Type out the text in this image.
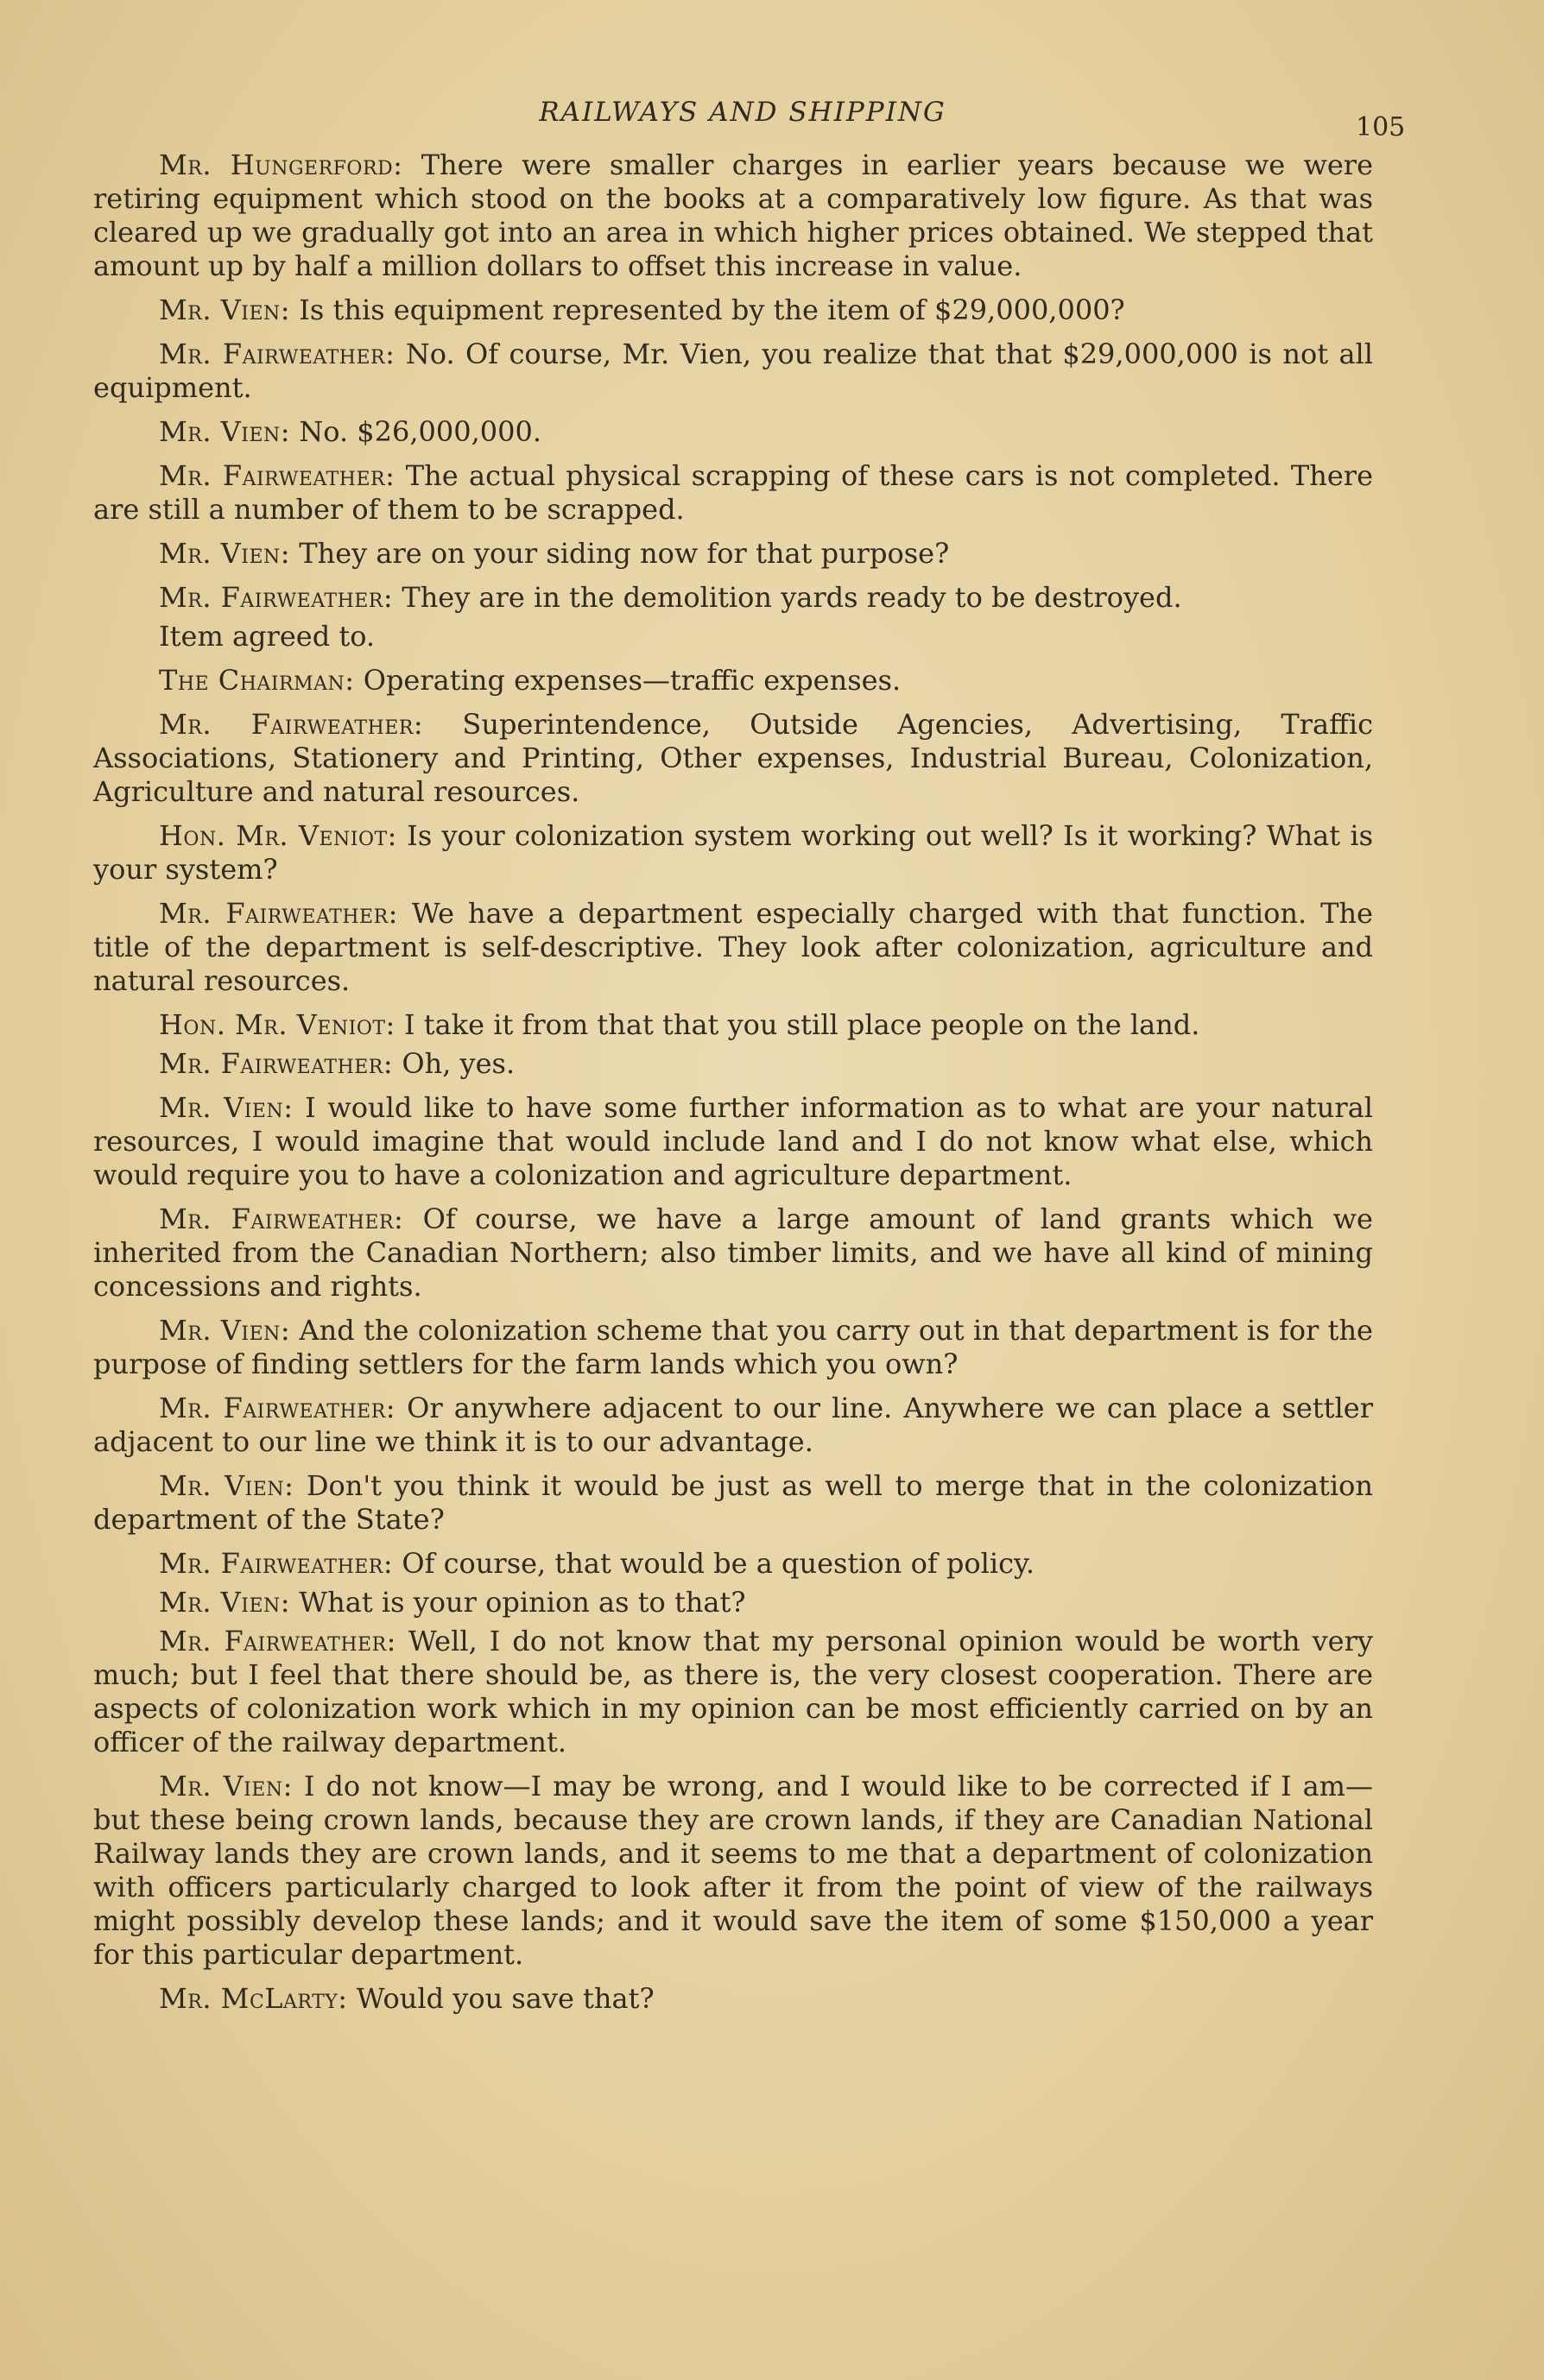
RAILWAYS AND SHIPPING	105

Mr. Hungerford: There were smaller charges in earlier years because we were retiring equipment which stood on the books at a comparatively low figure. As that was cleared up we gradually got into an area in which higher prices obtained. We stepped that amount up by half a million dollars to offset this increase in value.

Mr. Vien: Is this equipment represented by the item of $29,000,000?

Mr. Fairweather: No. Of course, Mr. Vien, you realize that that $29,000,000 is not all equipment.

Mr. Vien: No. $26,000,000.

Mr. Fairweather: The actual physical scrapping of these cars is not completed. There are still a number of them to be scrapped.

Mr. Vien: They are on your siding now for that purpose?

Mr. Fairweather: They are in the demolition yards ready to be destroyed.

Item agreed to.

The Chairman: Operating expenses—traffic expenses.

Mr. Fairweather: Superintendence, Outside Agencies, Advertising, Traffic Associations, Stationery and Printing, Other expenses, Industrial Bureau, Colonization, Agriculture and natural resources.

Hon. Mr. Veniot: Is your colonization system working out well? Is it working? What is your system?

Mr. Fairweather: We have a department especially charged with that function. The title of the department is self-descriptive. They look after colonization, agriculture and natural resources.

Hon. Mr. Veniot: I take it from that that you still place people on the land.

Mr. Fairweather: Oh, yes.

Mr. Vien: I would like to have some further information as to what are your natural resources, I would imagine that would include land and I do not know what else, which would require you to have a colonization and agriculture department.

Mr. Fairweather: Of course, we have a large amount of land grants which we inherited from the Canadian Northern; also timber limits, and we have all kind of mining concessions and rights.

Mr. Vien: And the colonization scheme that you carry out in that department is for the purpose of finding settlers for the farm lands which you own?

Mr. Fairweather: Or anywhere adjacent to our line. Anywhere we can place a settler adjacent to our line we think it is to our advantage.

Mr. Vien: Don't you think it would be just as well to merge that in the colonization department of the State?

Mr. Fairweather: Of course, that would be a question of policy.

Mr. Vien: What is your opinion as to that?

Mr. Fairweather: Well, I do not know that my personal opinion would be worth very much; but I feel that there should be, as there is, the very closest cooperation. There are aspects of colonization work which in my opinion can be most efficiently carried on by an officer of the railway department.

Mr. Vien: I do not know—I may be wrong, and I would like to be corrected if I am—but these being crown lands, because they are crown lands, if they are Canadian National Railway lands they are crown lands, and it seems to me that a department of colonization with officers particularly charged to look after it from the point of view of the railways might possibly develop these lands; and it would save the item of some $150,000 a year for this particular department.

Mr. McLarty: Would you save that?
